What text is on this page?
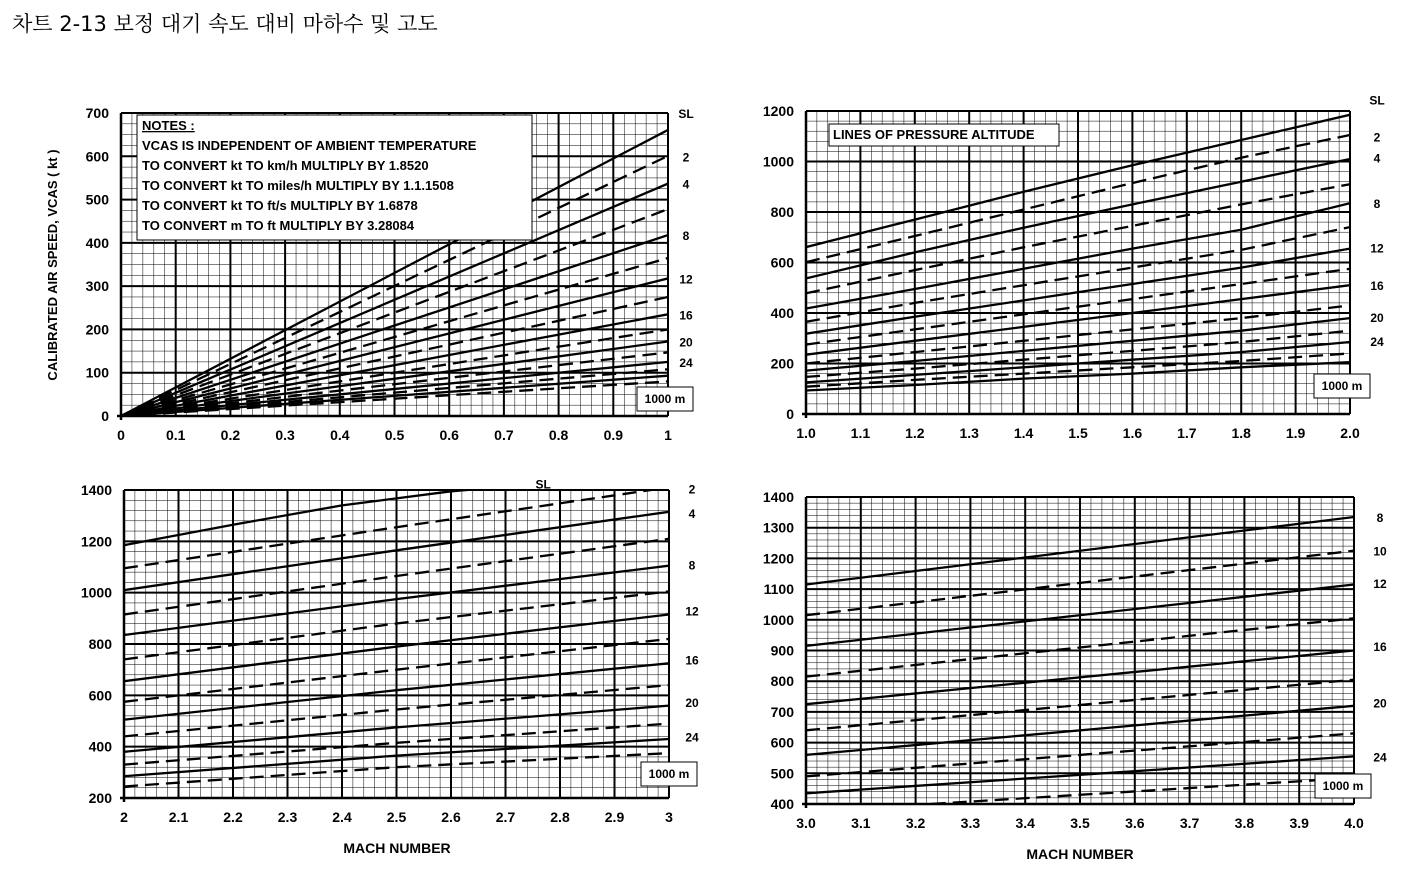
차트 2-13 보정 대기 속도 대비 마하수 및 고도
CALIBRATED AIR SPEED, VCAS ( kt )
MACH NUMBER	MACH NUMBER
0	0.1	0.2	0.3	0.4	0.5	0.6	0.7	0.8	0.9	1
0
100
200
300
400
500
600
700	SL
2
4
8
12
16
20
24
1000 m
NOTES :
VCAS IS INDEPENDENT OF AMBIENT TEMPERATURE
TO CONVERT kt TO km/h MULTIPLY BY 1.8520
TO CONVERT kt TO miles/h MULTIPLY BY 1.1.1508
TO CONVERT kt TO ft/s MULTIPLY BY 1.6878
TO CONVERT m TO ft MULTIPLY BY 3.28084
1.0 1.1 1.2 1.3 1.4 1.5 1.6 1.7 1.8 1.9 2.0
0
200
400
600
800
1000
1200
SL
2
4
8
12
16
20
24
1000 m
LINES OF PRESSURE ALTITUDE
2	2.1	2.2	2.3	2.4	2.5	2.6	2.7	2.8	2.9	3
200
400
600
800
1000
1200
1400	SL	2
4
8
12
16
20
24
1000 m
3.0	3.1	3.2	3.3	3.4	3.5	3.6	3.7	3.8	3.9	4.0
400
500
600
700
800
900
1000
1100
1200
1300
1400
8
10
12
16
20
24
1000 m
